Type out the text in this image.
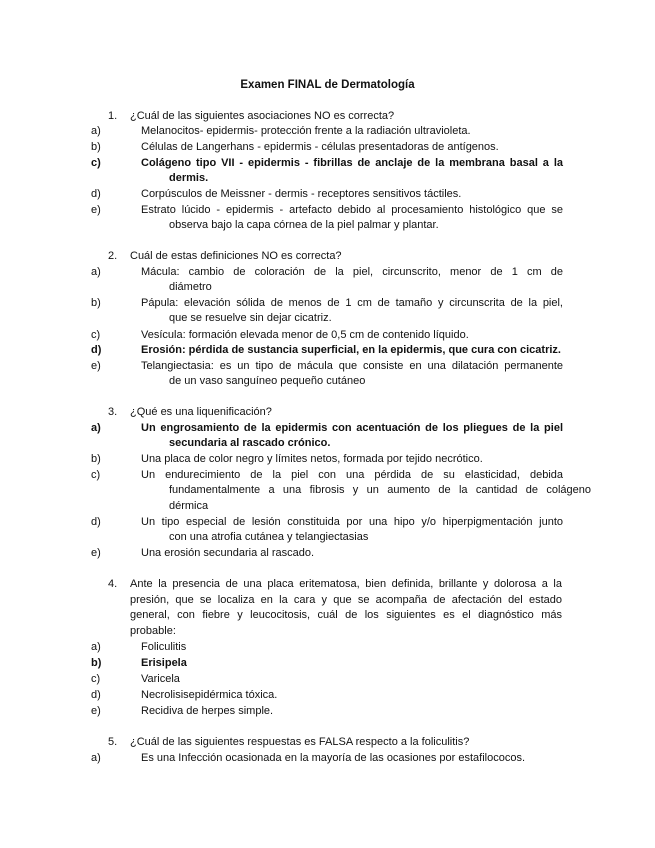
Examen FINAL de Dermatología
1. ¿Cuál de las siguientes asociaciones NO es correcta?
a)	Melanocitos- epidermis- protección frente a la radiación ultravioleta.
b)	Células de Langerhans - epidermis - células presentadoras de antígenos.
c)	Colágeno tipo VII - epidermis - fibrillas de anclaje de la membrana basal a la
dermis.
d)	Corpúsculos de Meissner - dermis - receptores sensitivos táctiles.
e)	Estrato lúcido - epidermis - artefacto debido al procesamiento histológico que se
observa bajo la capa córnea de la piel palmar y plantar.
2. Cuál de estas definiciones NO es correcta?
a)	Mácula: cambio de coloración de la piel, circunscrito, menor de 1 cm de
diámetro
b)	Pápula: elevación sólida de menos de 1 cm de tamaño y circunscrita de la piel,
que se resuelve sin dejar cicatriz.
c)	Vesícula: formación elevada menor de 0,5 cm de contenido líquido.
d)	Erosión: pérdida de sustancia superficial, en la epidermis, que cura con cicatriz.
e)	Telangiectasia: es un tipo de mácula que consiste en una dilatación permanente
de un vaso sanguíneo pequeño cutáneo
3. ¿Qué es una liquenificación?
a)	Un engrosamiento de la epidermis con acentuación de los pliegues de la piel
secundaria al rascado crónico.
b)	Una placa de color negro y límites netos, formada por tejido necrótico.
c)	Un endurecimiento de la piel con una pérdida de su elasticidad, debida
fundamentalmente a una fibrosis y un aumento de la cantidad de colágeno
dérmica
d)	Un tipo especial de lesión constituida por una hipo y/o hiperpigmentación junto
con una atrofia cutánea y telangiectasias
e)	Una erosión secundaria al rascado.
4. Ante la presencia de una placa eritematosa, bien definida, brillante y dolorosa a la
presión, que se localiza en la cara y que se acompaña de afectación del estado
general, con fiebre y leucocitosis, cuál de los siguientes es el diagnóstico más
probable:
a)	Foliculitis
b)	Erisipela
c)	Varicela
d)	Necrolisisepidérmica tóxica.
e)	Recidiva de herpes simple.
5. ¿Cuál de las siguientes respuestas es FALSA respecto a la foliculitis?
a)	Es una Infección ocasionada en la mayoría de las ocasiones por estafilococos.
